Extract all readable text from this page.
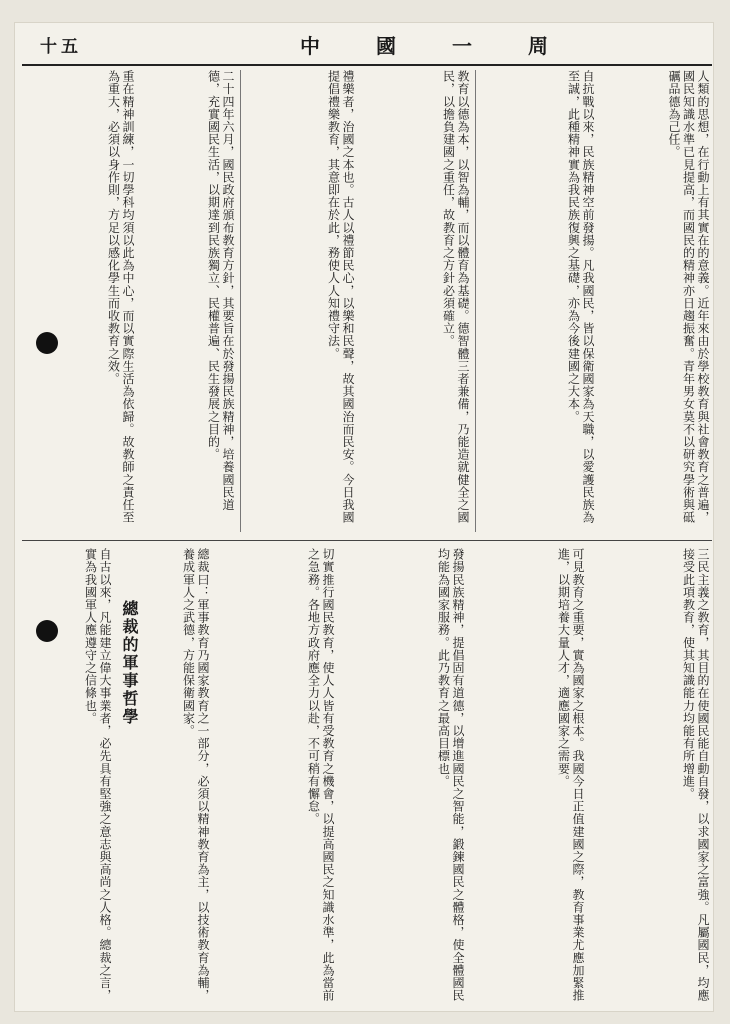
十五	中國一周
人類的思想，在行動上有其實在的意義。近年來由於學校教育與社會教育之普遍，國民知識水準已見提高，而國民的精神亦日趨振奮。青年男女莫不以研究學術與砥礪品德為己任。
自抗戰以來，民族精神空前發揚。凡我國民，皆以保衛國家為天職，以愛護民族為至誠，此種精神實為我民族復興之基礎，亦為今後建國之大本。
教育以德為本，以智為輔，而以體育為基礎。德智體三者兼備，乃能造就健全之國民，以擔負建國之重任，故教育之方針必須確立。
禮樂者，治國之本也。古人以禮節民心，以樂和民聲，故其國治而民安。今日我國提倡禮樂教育，其意即在於此，務使人人知禮守法。
二十四年六月，國民政府頒布教育方針，其要旨在於發揚民族精神，培養國民道德，充實國民生活，以期達到民族獨立、民權普遍、民生發展之目的。
重在精神訓練，一切學科均須以此為中心，而以實際生活為依歸。故教師之責任至為重大，必須以身作則，方足以感化學生而收教育之效。
三民主義之教育，其目的在使國民能自動自發，以求國家之富強。凡屬國民，均應接受此項教育，使其知識能力均能有所增進。
可見教育之重要，實為國家之根本。我國今日正值建國之際，教育事業尤應加緊推進，以期培養大量人才，適應國家之需要。
發揚民族精神，提倡固有道德，以增進國民之智能，鍛鍊國民之體格，使全體國民均能為國家服務。此乃教育之最高目標也。
切實推行國民教育，使人人皆有受教育之機會，以提高國民之知識水準，此為當前之急務。各地方政府應全力以赴，不可稍有懈怠。
總裁的軍事哲學	總裁曰：軍事教育乃國家教育之一部分，必須以精神教育為主，以技術教育為輔，養成軍人之武德，方能保衛國家。
自古以來，凡能建立偉大事業者，必先具有堅強之意志與高尚之人格。總裁之言，實為我國軍人應遵守之信條也。
